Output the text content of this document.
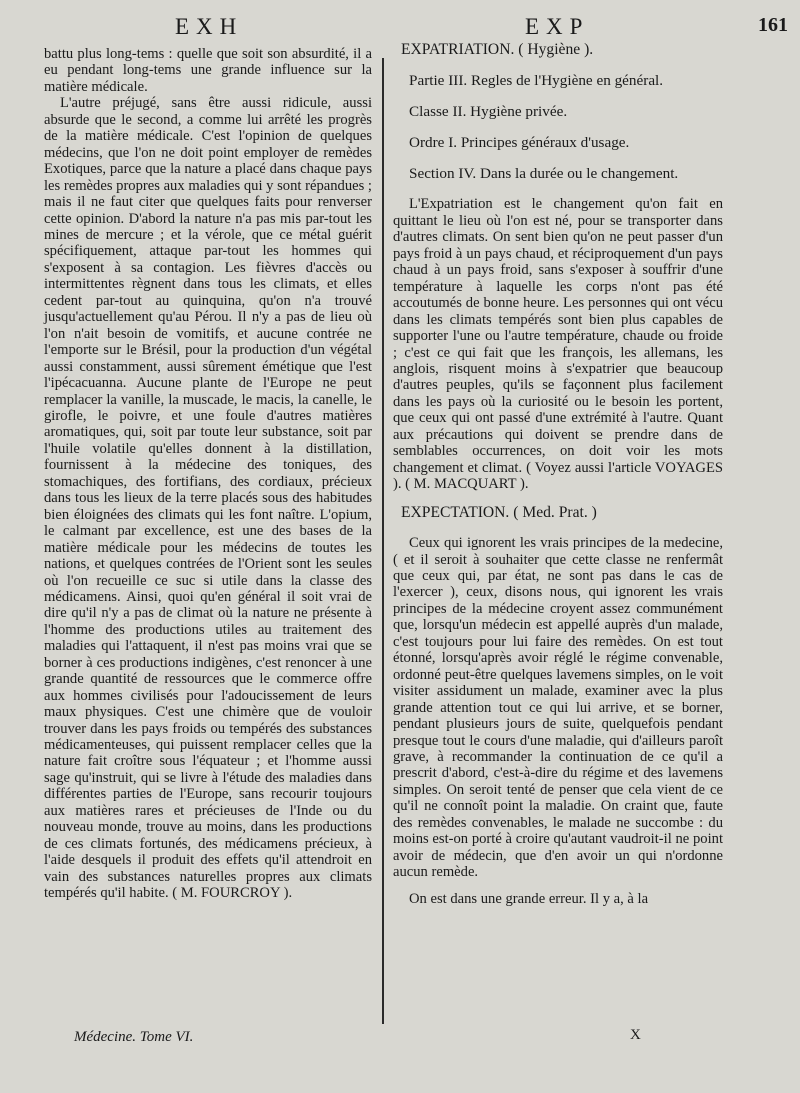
EXH	EXP	161

battu plus long-tems : quelle que soit son absurdité, il a eu pendant long-tems une grande influence sur la matière médicale.

L'autre préjugé, sans être aussi ridicule, aussi absurde que le second, a comme lui arrêté les progrès de la matière médicale. C'est l'opinion de quelques médecins, que l'on ne doit point employer de remèdes Exotiques, parce que la nature a placé dans chaque pays les remèdes propres aux maladies qui y sont répandues ; mais il ne faut citer que quelques faits pour renverser cette opinion. D'abord la nature n'a pas mis par-tout les mines de mercure ; et la vérole, que ce métal guérit spécifiquement, attaque par-tout les hommes qui s'exposent à sa contagion. Les fièvres d'accès ou intermittentes règnent dans tous les climats, et elles cedent par-tout au quinquina, qu'on n'a trouvé jusqu'actuellement qu'au Pérou. Il n'y a pas de lieu où l'on n'ait besoin de vomitifs, et aucune contrée ne l'emporte sur le Brésil, pour la production d'un végétal aussi constamment, aussi sûrement émétique que l'est l'ipécacuanna. Aucune plante de l'Europe ne peut remplacer la vanille, la muscade, le macis, la canelle, le girofle, le poivre, et une foule d'autres matières aromatiques, qui, soit par toute leur substance, soit par l'huile volatile qu'elles donnent à la distillation, fournissent à la médecine des toniques, des stomachiques, des fortifians, des cordiaux, précieux dans tous les lieux de la terre placés sous des habitudes bien éloignées des climats qui les font naître. L'opium, le calmant par excellence, est une des bases de la matière médicale pour les médecins de toutes les nations, et quelques contrées de l'Orient sont les seules où l'on recueille ce suc si utile dans la classe des médicamens. Ainsi, quoi qu'en général il soit vrai de dire qu'il n'y a pas de climat où la nature ne présente à l'homme des productions utiles au traitement des maladies qui l'attaquent, il n'est pas moins vrai que se borner à ces productions indigènes, c'est renoncer à une grande quantité de ressources que le commerce offre aux hommes civilisés pour l'adoucissement de leurs maux physiques. C'est une chimère que de vouloir trouver dans les pays froids ou tempérés des substances médicamenteuses, qui puissent remplacer celles que la nature fait croître sous l'équateur ; et l'homme aussi sage qu'instruit, qui se livre à l'étude des maladies dans différentes parties de l'Europe, sans recourir toujours aux matières rares et précieuses de l'Inde ou du nouveau monde, trouve au moins, dans les productions de ces climats fortunés, des médicamens précieux, à l'aide desquels il produit des effets qu'il attendroit en vain des substances naturelles propres aux climats tempérés qu'il habite. ( M. FOURCROY ).

EXPATRIATION. ( Hygiène ).

Partie III. Regles de l'Hygiène en général.

Classe II. Hygiène privée.

Ordre I. Principes généraux d'usage.

Section IV. Dans la durée ou le changement.

L'Expatriation est le changement qu'on fait en quittant le lieu où l'on est né, pour se transporter dans d'autres climats. On sent bien qu'on ne peut passer d'un pays froid à un pays chaud, et réciproquement d'un pays chaud à un pays froid, sans s'exposer à souffrir d'une température à laquelle les corps n'ont pas été accoutumés de bonne heure. Les personnes qui ont vécu dans les climats tempérés sont bien plus capables de supporter l'une ou l'autre température, chaude ou froide ; c'est ce qui fait que les françois, les allemans, les anglois, risquent moins à s'expatrier que beaucoup d'autres peuples, qu'ils se façonnent plus facilement dans les pays où la curiosité ou le besoin les portent, que ceux qui ont passé d'une extrémité à l'autre. Quant aux précautions qui doivent se prendre dans de semblables occurrences, on doit voir les mots changement et climat. ( Voyez aussi l'article VOYAGES ). ( M. MACQUART ).

EXPECTATION. ( Med. Prat. )

Ceux qui ignorent les vrais principes de la medecine, ( et il seroit à souhaiter que cette classe ne renfermât que ceux qui, par état, ne sont pas dans le cas de l'exercer ), ceux, disons nous, qui ignorent les vrais principes de la médecine croyent assez communément que, lorsqu'un médecin est appellé auprès d'un malade, c'est toujours pour lui faire des remèdes. On est tout étonné, lorsqu'après avoir réglé le régime convenable, ordonné peut-être quelques lavemens simples, on le voit visiter assidument un malade, examiner avec la plus grande attention tout ce qui lui arrive, et se borner, pendant plusieurs jours de suite, quelquefois pendant presque tout le cours d'une maladie, qui d'ailleurs paroît grave, à recommander la continuation de ce qu'il a prescrit d'abord, c'est-à-dire du régime et des lavemens simples. On seroit tenté de penser que cela vient de ce qu'il ne connoît point la maladie. On craint que, faute des remèdes convenables, le malade ne succombe : du moins est-on porté à croire qu'autant vaudroit-il ne point avoir de médecin, que d'en avoir un qui n'ordonne aucun remède.

On est dans une grande erreur. Il y a, à la

Médecine. Tome VI.	X
